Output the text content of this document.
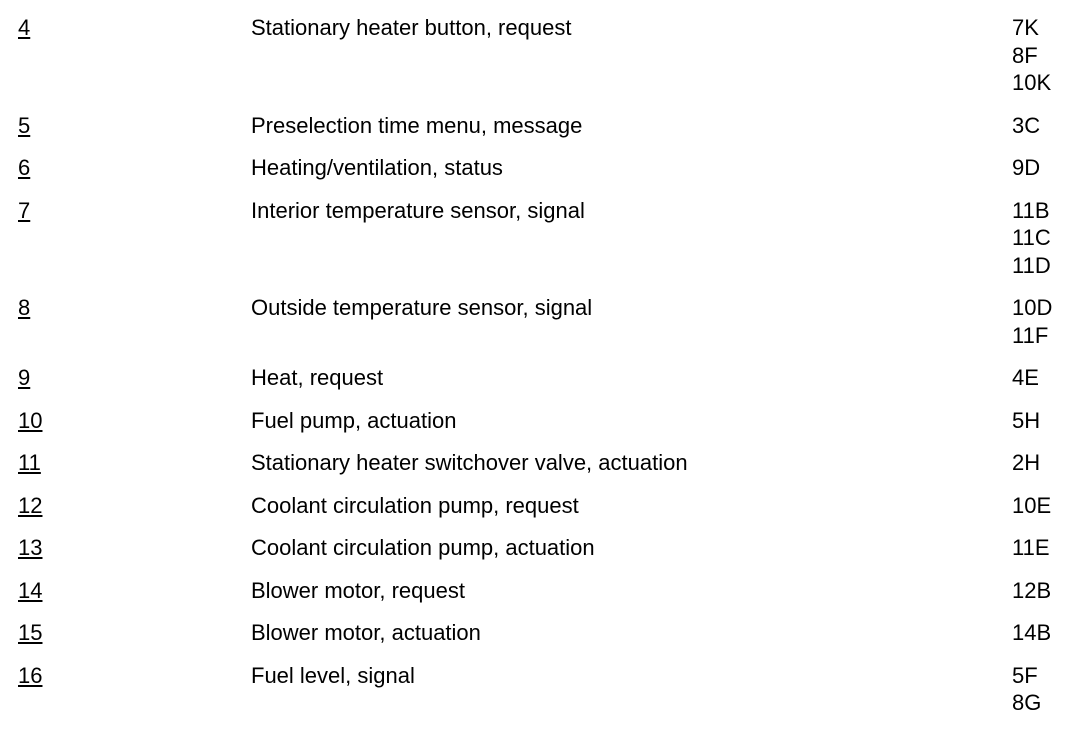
4	Stationary heater button, request	7K
8F
10K
5	Preselection time menu, message	3C
6	Heating/ventilation, status	9D
7	Interior temperature sensor, signal	11B
11C
11D
8	Outside temperature sensor, signal	10D
11F
9	Heat, request	4E
10	Fuel pump, actuation	5H
11	Stationary heater switchover valve, actuation	2H
12	Coolant circulation pump, request	10E
13	Coolant circulation pump, actuation	11E
14	Blower motor, request	12B
15	Blower motor, actuation	14B
16	Fuel level, signal	5F
8G
